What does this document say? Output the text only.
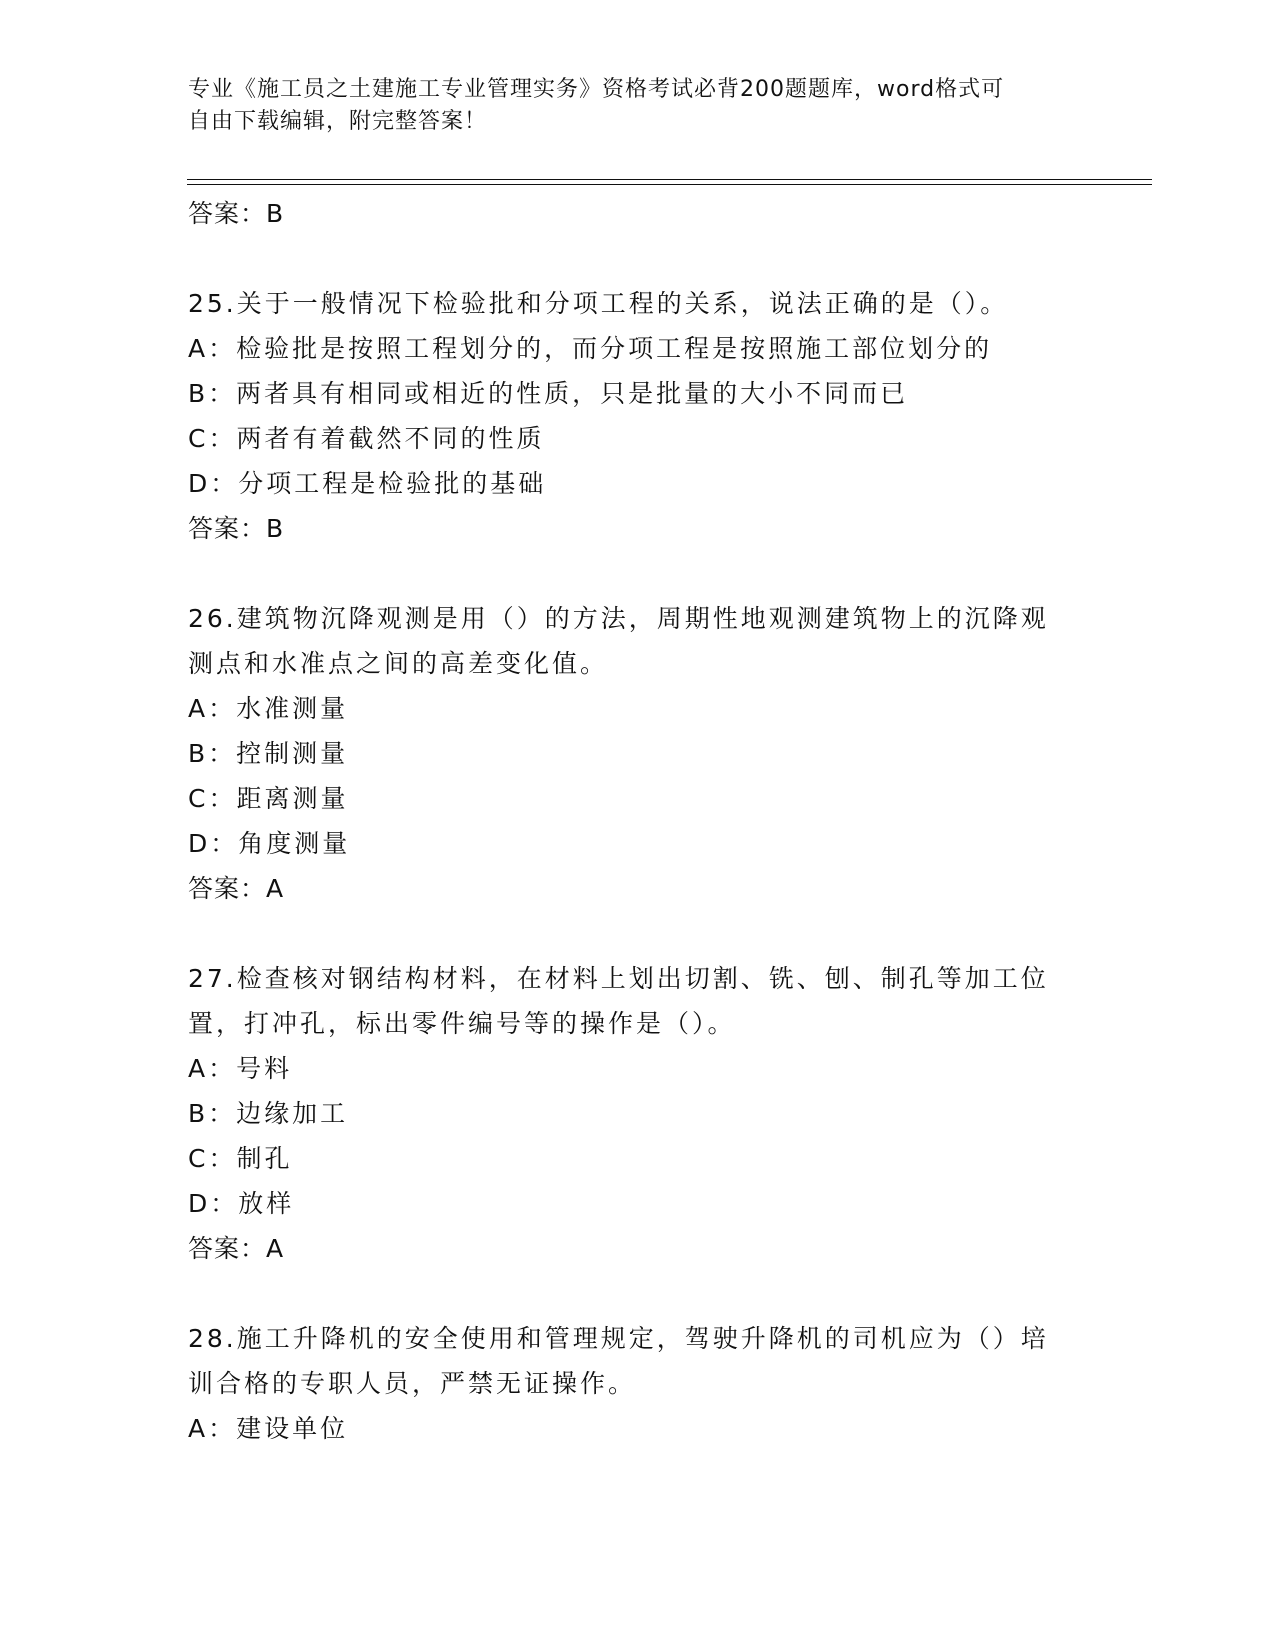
专业《施工员之土建施工专业管理实务》资格考试必背200题题库，word格式可
自由下载编辑，附完整答案！
答案：B
25.关于一般情况下检验批和分项工程的关系，说法正确的是（）。
A：检验批是按照工程划分的，而分项工程是按照施工部位划分的
B：两者具有相同或相近的性质，只是批量的大小不同而已
C：两者有着截然不同的性质
D：分项工程是检验批的基础
答案：B
26.建筑物沉降观测是用（）的方法，周期性地观测建筑物上的沉降观测点和水准点之间的高差变化值。
A：水准测量
B：控制测量
C：距离测量
D：角度测量
答案：A
27.检查核对钢结构材料，在材料上划出切割、铣、刨、制孔等加工位置，打冲孔，标出零件编号等的操作是（）。
A：号料
B：边缘加工
C：制孔
D：放样
答案：A
28.施工升降机的安全使用和管理规定，驾驶升降机的司机应为（）培训合格的专职人员，严禁无证操作。
A：建设单位
